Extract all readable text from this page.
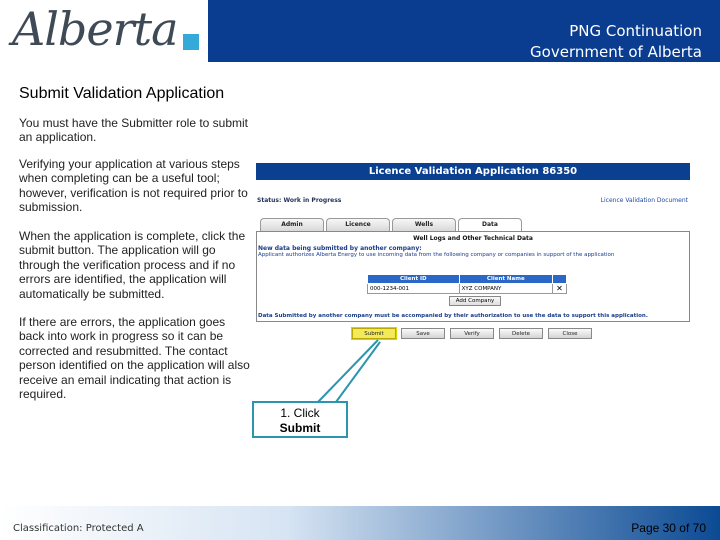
Alberta	PNG Continuation
Government of Alberta
Submit Validation Application
You must have the Submitter role to submit an application.
Verifying your application at various steps when completing can be a useful tool; however, verification is not required prior to submission.
When the application is complete, click the submit button. The application will go through the verification process and if no errors are identified, the application will automatically be submitted.
If there are errors, the application goes back into work in progress so it can be corrected and resubmitted. The contact person identified on the application will also receive an email indicating that action is required.
Licence Validation Application 86350
Status: Work in Progress	Licence Validation Document
Admin	Licence	Wells	Data
Well Logs and Other Technical Data
New data being submitted by another company:
Applicant authorizes Alberta Energy to use incoming data from the following company or companies in support of the application
Client ID	Client Name	
000-1234-001	XYZ COMPANY	✕
Add Company
Data Submitted by another company must be accompanied by their authorization to use the data to support this application.
Submit	Save	Verify	Delete	Close
1. Click
Submit
Classification: Protected A	Page 30 of 70
